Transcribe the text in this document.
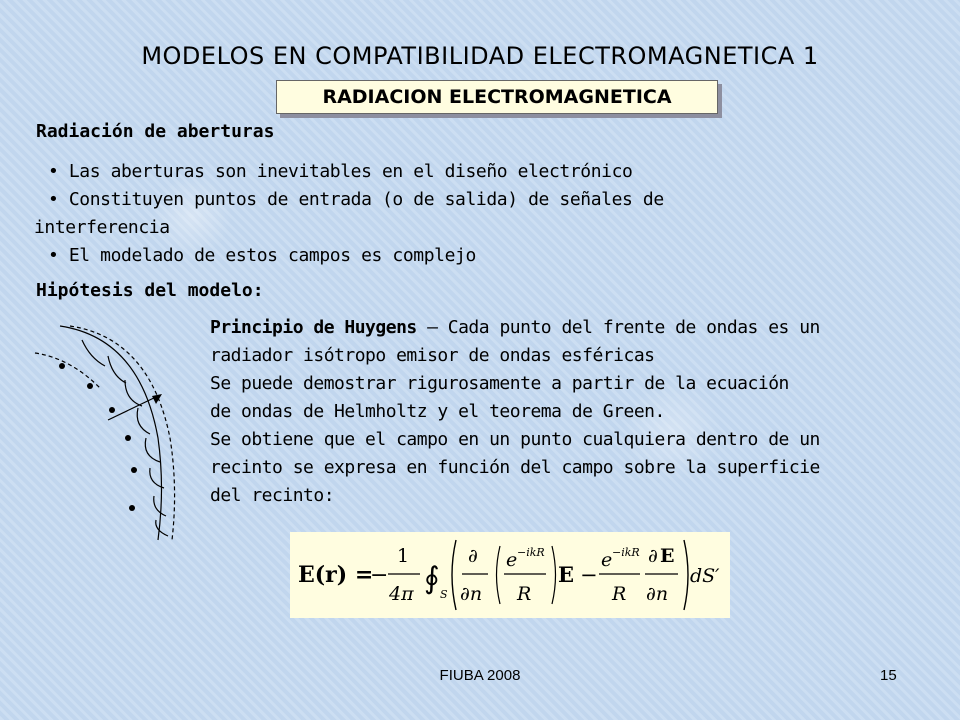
MODELOS EN COMPATIBILIDAD ELECTROMAGNETICA 1
RADIACION ELECTROMAGNETICA
Radiación de aberturas
• Las aberturas son inevitables en el diseño electrónico
• Constituyen puntos de entrada (o de salida) de señales de
interferencia
• El modelado de estos campos es complejo
Hipótesis del modelo:
Principio de Huygens – Cada punto del frente de ondas es un
radiador isótropo emisor de ondas esféricas
Se puede demostrar rigurosamente a partir de la ecuación
de ondas de Helmholtz y el teorema de Green.
Se obtiene que el campo en un punto cualquiera dentro de un
recinto se expresa en función del campo sobre la superficie
del recinto:
E(r) =
−
1
4π ∮ S
∂
∂n
e −ikR
R
E −
e −ikR
R
∂ E
∂n
dS′
FIUBA 2008	15
